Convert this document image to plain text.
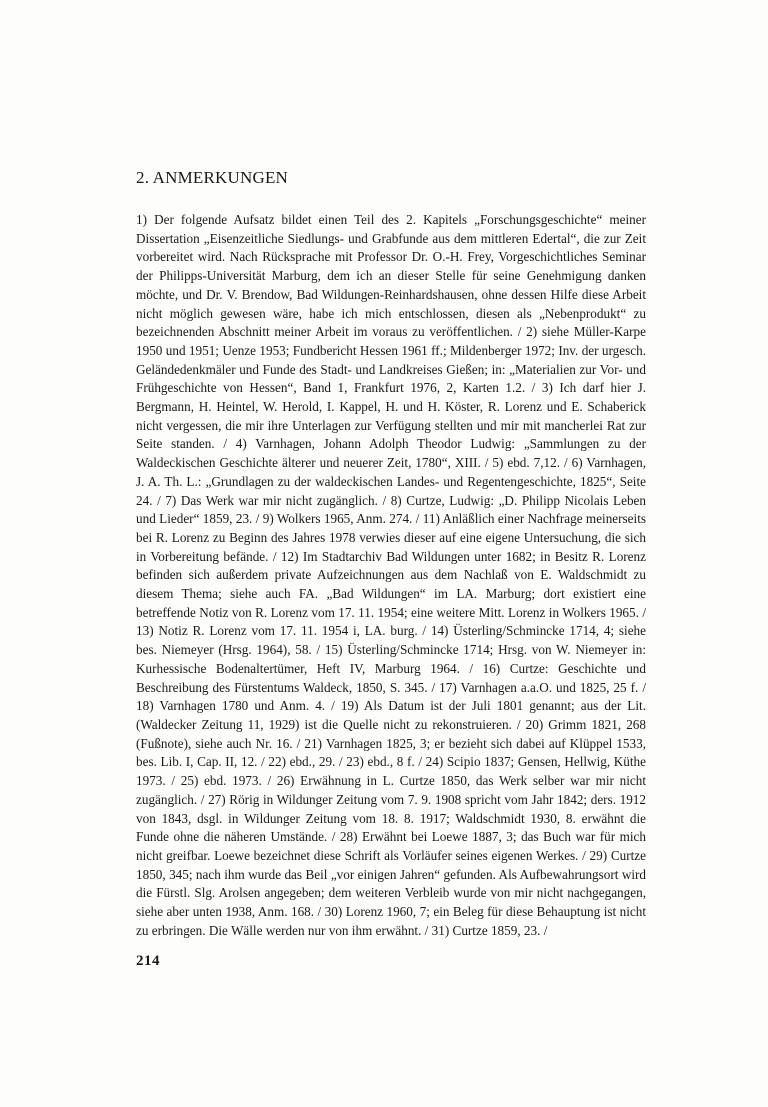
2. ANMERKUNGEN

1) Der folgende Aufsatz bildet einen Teil des 2. Kapitels „Forschungsgeschichte“ meiner Dissertation „Eisenzeitliche Siedlungs- und Grabfunde aus dem mittleren Edertal“, die zur Zeit vorbereitet wird. Nach Rücksprache mit Professor Dr. O.-H. Frey, Vorgeschichtliches Seminar der Philipps-Universität Marburg, dem ich an dieser Stelle für seine Genehmigung danken möchte, und Dr. V. Brendow, Bad Wildungen-Reinhardshausen, ohne dessen Hilfe diese Arbeit nicht möglich gewesen wäre, habe ich mich entschlossen, diesen als „Nebenprodukt“ zu bezeichnenden Abschnitt meiner Arbeit im voraus zu veröffentlichen. / 2) siehe Müller-Karpe 1950 und 1951; Uenze 1953; Fundbericht Hessen 1961 ff.; Mildenberger 1972; Inv. der urgesch. Geländedenkmäler und Funde des Stadt- und Landkreises Gießen; in: „Materialien zur Vor- und Frühgeschichte von Hessen“, Band 1, Frankfurt 1976, 2, Karten 1.2. / 3) Ich darf hier J. Bergmann, H. Heintel, W. Herold, I. Kappel, H. und H. Köster, R. Lorenz und E. Schaberick nicht vergessen, die mir ihre Unterlagen zur Verfügung stellten und mir mit mancherlei Rat zur Seite standen. / 4) Varnhagen, Johann Adolph Theodor Ludwig: „Sammlungen zu der Waldeckischen Geschichte älterer und neuerer Zeit, 1780“, XIII. / 5) ebd. 7,12. / 6) Varnhagen, J. A. Th. L.: „Grundlagen zu der waldeckischen Landes- und Regentengeschichte, 1825“, Seite 24. / 7) Das Werk war mir nicht zugänglich. / 8) Curtze, Ludwig: „D. Philipp Nicolais Leben und Lieder“ 1859, 23. / 9) Wolkers 1965, Anm. 274. / 11) Anläßlich einer Nachfrage meinerseits bei R. Lorenz zu Beginn des Jahres 1978 verwies dieser auf eine eigene Untersuchung, die sich in Vorbereitung befände. / 12) Im Stadtarchiv Bad Wildungen unter 1682; in Besitz R. Lorenz befinden sich außerdem private Aufzeichnungen aus dem Nachlaß von E. Waldschmidt zu diesem Thema; siehe auch FA. „Bad Wildungen“ im LA. Marburg; dort existiert eine betreffende Notiz von R. Lorenz vom 17. 11. 1954; eine weitere Mitt. Lorenz in Wolkers 1965. / 13) Notiz R. Lorenz vom 17. 11. 1954 i, LA. burg. / 14) Üsterling/Schmincke 1714, 4; siehe bes. Niemeyer (Hrsg. 1964), 58. / 15) Üsterling/Schmincke 1714; Hrsg. von W. Niemeyer in: Kurhessische Bodenaltertümer, Heft IV, Marburg 1964. / 16) Curtze: Geschichte und Beschreibung des Fürstentums Waldeck, 1850, S. 345. / 17) Varnhagen a.a.O. und 1825, 25 f. / 18) Varnhagen 1780 und Anm. 4. / 19) Als Datum ist der Juli 1801 genannt; aus der Lit. (Waldecker Zeitung 11, 1929) ist die Quelle nicht zu rekonstruieren. / 20) Grimm 1821, 268 (Fußnote), siehe auch Nr. 16. / 21) Varnhagen 1825, 3; er bezieht sich dabei auf Klüppel 1533, bes. Lib. I, Cap. II, 12. / 22) ebd., 29. / 23) ebd., 8 f. / 24) Scipio 1837; Gensen, Hellwig, Küthe 1973. / 25) ebd. 1973. / 26) Erwähnung in L. Curtze 1850, das Werk selber war mir nicht zugänglich. / 27) Rörig in Wildunger Zeitung vom 7. 9. 1908 spricht vom Jahr 1842; ders. 1912 von 1843, dsgl. in Wildunger Zeitung vom 18. 8. 1917; Waldschmidt 1930, 8. erwähnt die Funde ohne die näheren Umstände. / 28) Erwähnt bei Loewe 1887, 3; das Buch war für mich nicht greifbar. Loewe bezeichnet diese Schrift als Vorläufer seines eigenen Werkes. / 29) Curtze 1850, 345; nach ihm wurde das Beil „vor einigen Jahren“ gefunden. Als Aufbewahrungsort wird die Fürstl. Slg. Arolsen angegeben; dem weiteren Verbleib wurde von mir nicht nachgegangen, siehe aber unten 1938, Anm. 168. / 30) Lorenz 1960, 7; ein Beleg für diese Behauptung ist nicht zu erbringen. Die Wälle werden nur von ihm erwähnt. / 31) Curtze 1859, 23. /

214
